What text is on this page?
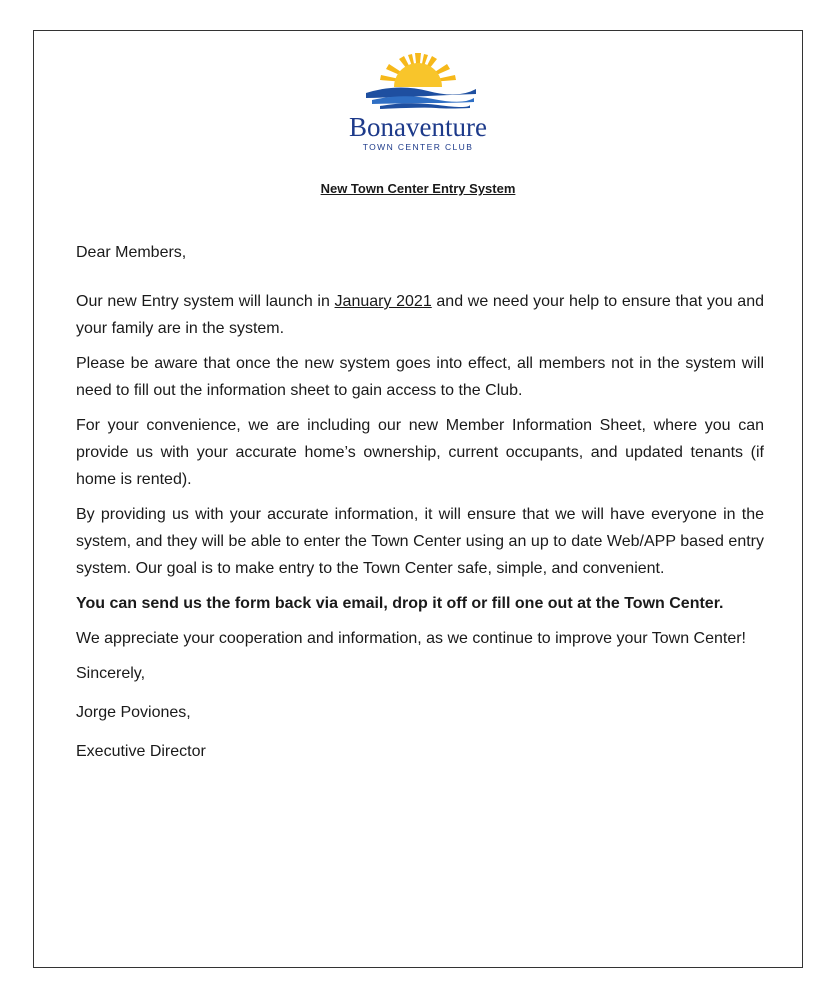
Bonaventure
TOWN CENTER CLUB
New Town Center Entry System

Dear Members,

Our new Entry system will launch in January 2021 and we need your help to ensure that you and your family are in the system.

Please be aware that once the new system goes into effect, all members not in the system will need to fill out the information sheet to gain access to the Club.

For your convenience, we are including our new Member Information Sheet, where you can provide us with your accurate home’s ownership, current occupants, and updated tenants (if home is rented).

By providing us with your accurate information, it will ensure that we will have everyone in the system, and they will be able to enter the Town Center using an up to date Web/APP based entry system. Our goal is to make entry to the Town Center safe, simple, and convenient.

You can send us the form back via email, drop it off or fill one out at the Town Center.

We appreciate your cooperation and information, as we continue to improve your Town Center!

Sincerely,

Jorge Poviones,

Executive Director
